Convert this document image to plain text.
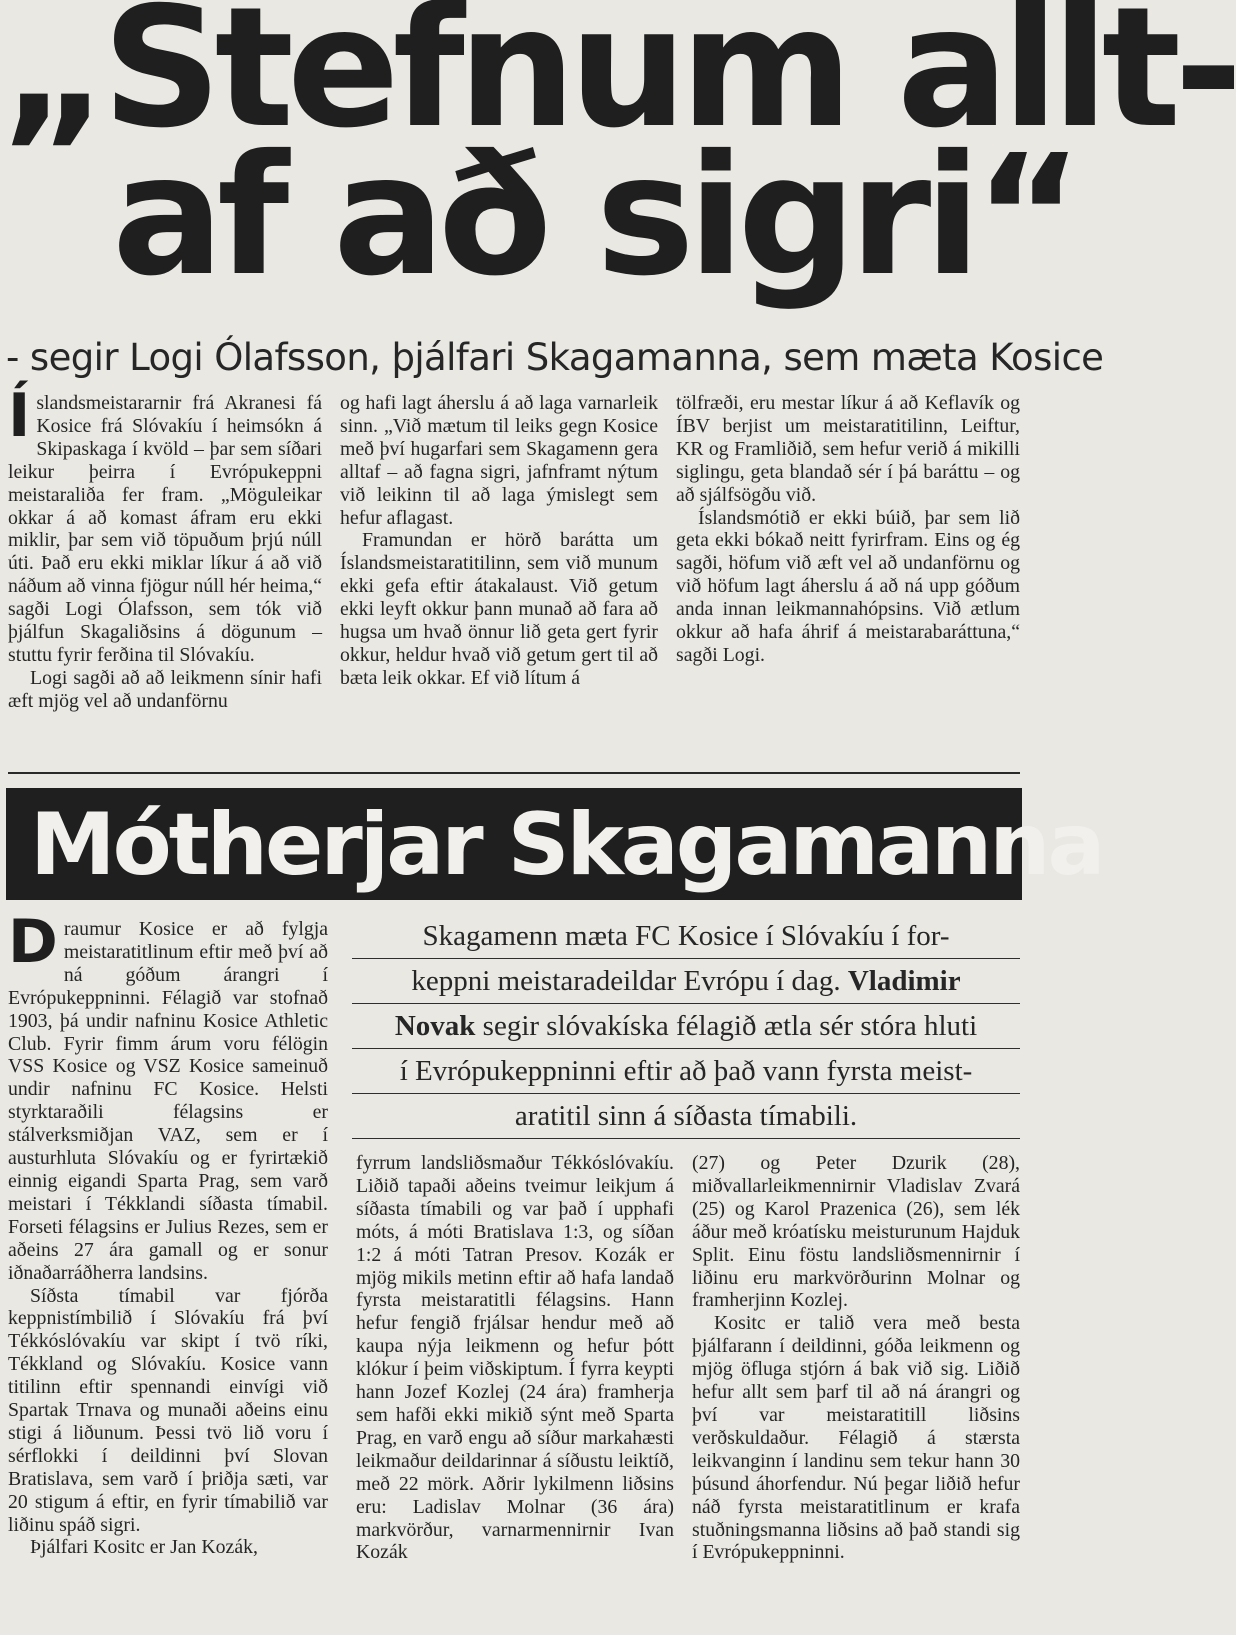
„Stefnum allt-
af að sigri“
- segir Logi Ólafsson, þjálfari Skagamanna, sem mæta Kosice

Íslandsmeistararnir frá Akranesi fá Kosice frá Slóvakíu í heimsókn á Skipaskaga í kvöld – þar sem síðari leikur þeirra í Evrópukeppni meistaraliða fer fram. „Möguleikar okkar á að komast áfram eru ekki miklir, þar sem við töpuðum þrjú núll úti. Það eru ekki miklar líkur á að við náðum að vinna fjögur núll hér heima,“ sagði Logi Ólafsson, sem tók við þjálfun Skagaliðsins á dögunum – stuttu fyrir ferðina til Slóvakíu.

Logi sagði að að leikmenn sínir hafi æft mjög vel að undanförnu

og hafi lagt áherslu á að laga varnarleik sinn. „Við mætum til leiks gegn Kosice með því hugarfari sem Skagamenn gera alltaf – að fagna sigri, jafnframt nýtum við leikinn til að laga ýmislegt sem hefur aflagast.

Framundan er hörð barátta um Íslandsmeistaratitilinn, sem við munum ekki gefa eftir átakalaust. Við getum ekki leyft okkur þann munað að fara að hugsa um hvað önnur lið geta gert fyrir okkur, heldur hvað við getum gert til að bæta leik okkar. Ef við lítum á

tölfræði, eru mestar líkur á að Keflavík og ÍBV berjist um meistaratitilinn, Leiftur, KR og Framliðið, sem hefur verið á mikilli siglingu, geta blandað sér í þá baráttu – og að sjálfsögðu við.

Íslandsmótið er ekki búið, þar sem lið geta ekki bókað neitt fyrirfram. Eins og ég sagði, höfum við æft vel að undanförnu og við höfum lagt áherslu á að ná upp góðum anda innan leikmannahópsins. Við ætlum okkur að hafa áhrif á meistarabaráttuna,“ sagði Logi.

Mótherjar Skagamanna
Skagamenn mæta FC Kosice í Slóvakíu í for-
keppni meistaradeildar Evrópu í dag. Vladimir
Novak segir slóvakíska félagið ætla sér stóra hluti
í Evrópukeppninni eftir að það vann fyrsta meist-
aratitil sinn á síðasta tímabili.

Draumur Kosice er að fylgja meistaratitlinum eftir með því að ná góðum árangri í Evrópukeppninni. Félagið var stofnað 1903, þá undir nafninu Kosice Athletic Club. Fyrir fimm árum voru félögin VSS Kosice og VSZ Kosice sameinuð undir nafninu FC Kosice. Helsti styrktaraðili félagsins er stálverksmiðjan VAZ, sem er í austurhluta Slóvakíu og er fyrirtækið einnig eigandi Sparta Prag, sem varð meistari í Tékklandi síðasta tímabil. Forseti félagsins er Julius Rezes, sem er aðeins 27 ára gamall og er sonur iðnaðarráðherra landsins.

Síðsta tímabil var fjórða keppnistímbilið í Slóvakíu frá því Tékkóslóvakíu var skipt í tvö ríki, Tékkland og Slóvakíu. Kosice vann titilinn eftir spennandi einvígi við Spartak Trnava og munaði aðeins einu stigi á liðunum. Þessi tvö lið voru í sérflokki í deildinni því Slovan Bratislava, sem varð í þriðja sæti, var 20 stigum á eftir, en fyrir tímabilið var liðinu spáð sigri.

Þjálfari Kositc er Jan Kozák,

fyrrum landsliðsmaður Tékkóslóvakíu. Liðið tapaði aðeins tveimur leikjum á síðasta tímabili og var það í upphafi móts, á móti Bratislava 1:3, og síðan 1:2 á móti Tatran Presov. Kozák er mjög mikils metinn eftir að hafa landað fyrsta meistaratitli félagsins. Hann hefur fengið frjálsar hendur með að kaupa nýja leikmenn og hefur þótt klókur í þeim viðskiptum. Í fyrra keypti hann Jozef Kozlej (24 ára) framherja sem hafði ekki mikið sýnt með Sparta Prag, en varð engu að síður markahæsti leikmaður deildarinnar á síðustu leiktíð, með 22 mörk. Aðrir lykilmenn liðsins eru: Ladislav Molnar (36 ára) markvörður, varnarmennirnir Ivan Kozák

(27) og Peter Dzurik (28), miðvallarleikmennirnir Vladislav Zvará (25) og Karol Prazenica (26), sem lék áður með króatísku meisturunum Hajduk Split. Einu föstu landsliðsmennirnir í liðinu eru markvörðurinn Molnar og framherjinn Kozlej.

Kositc er talið vera með besta þjálfarann í deildinni, góða leikmenn og mjög öfluga stjórn á bak við sig. Liðið hefur allt sem þarf til að ná árangri og því var meistaratitill liðsins verðskuldaður. Félagið á stærsta leikvanginn í landinu sem tekur hann 30 þúsund áhorfendur. Nú þegar liðið hefur náð fyrsta meistaratitlinum er krafa stuðningsmanna liðsins að það standi sig í Evrópukeppninni.
